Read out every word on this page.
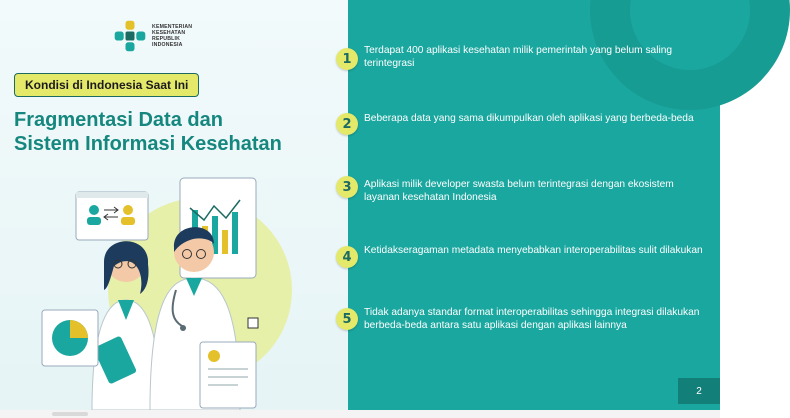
KEMENTERIAN
KESEHATAN
REPUBLIK
INDONESIA
Kondisi di Indonesia Saat Ini
Fragmentasi Data dan
Sistem Informasi Kesehatan
1
Terdapat 400 aplikasi kesehatan milik pemerintah yang belum saling terintegrasi
2	Beberapa data yang sama dikumpulkan oleh aplikasi yang berbeda-beda
3	Aplikasi milik developer swasta belum terintegrasi dengan ekosistem layanan kesehatan Indonesia
4	Ketidakseragaman metadata menyebabkan interoperabilitas sulit dilakukan
5	Tidak adanya standar format interoperabilitas sehingga integrasi dilakukan berbeda-beda antara satu aplikasi dengan aplikasi lainnya
2
